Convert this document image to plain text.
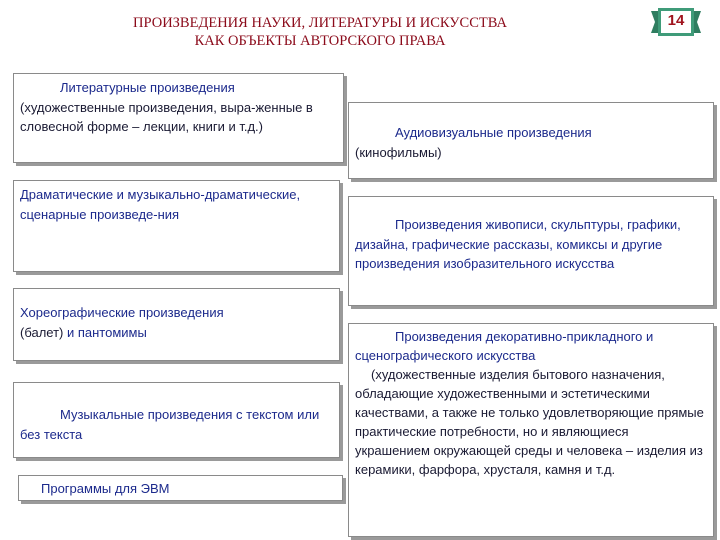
ПРОИЗВЕДЕНИЯ НАУКИ, ЛИТЕРАТУРЫ И ИСКУССТВА
КАК ОБЪЕКТЫ АВТОРСКОГО ПРАВА
14
Литературные произведения
(художественные произведения, выра-женные в словесной форме – лекции, книги и т.д.)
Драматические и музыкально-драматические, сценарные произведе-ния
Хореографические произведения
(балет) и пантомимы
Музыкальные произведения с текстом или без текста
Программы для ЭВМ
Аудиовизуальные произведения
(кинофильмы)
Произведения живописи, скульптуры, графики, дизайна, графические рассказы, комиксы и другие произведения изобразительного искусства
Произведения декоративно-прикладного и сценографического искусства
(художественные изделия бытового назначения, обладающие художественными и эстетическими качествами, а также не только удовлетворяющие прямые практические потребности, но и являющиеся украшением окружающей среды и человека – изделия из керамики, фарфора, хрусталя, камня и т.д.
